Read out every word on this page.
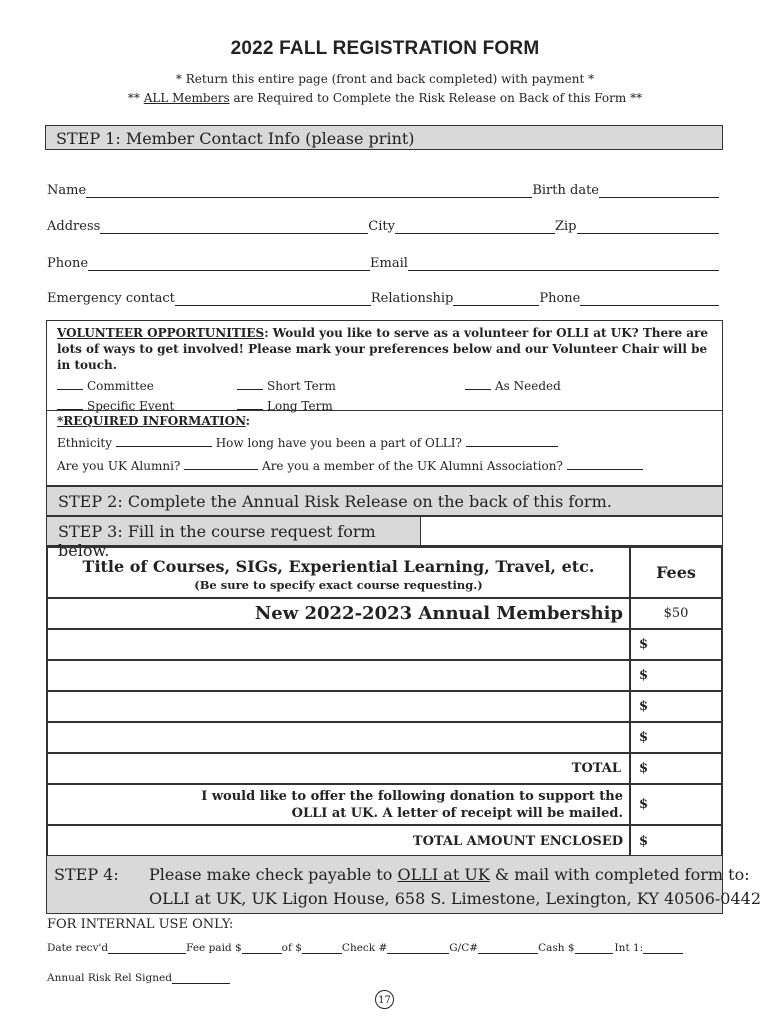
2022 FALL REGISTRATION FORM
* Return this entire page (front and back completed) with payment *
** ALL Members are Required to Complete the Risk Release on Back of this Form **
STEP 1: Member Contact Info (please print)
Name	Birth date
Address	City	Zip
Phone	Email
Emergency contact	Relationship	Phone
VOLUNTEER OPPORTUNITIES: Would you like to serve as a volunteer for OLLI at UK? There are lots of ways to get involved! Please mark your preferences below and our Volunteer Chair will be in touch.
Committee	Short Term	As Needed
Specific Event	Long Term
*REQUIRED INFORMATION:
Ethnicity	How long have you been a part of OLLI?
Are you UK Alumni?	Are you a member of the UK Alumni Association?
STEP 2: Complete the Annual Risk Release on the back of this form.
STEP 3: Fill in the course request form below.
Title of Courses, SIGs, Experiential Learning, Travel, etc.
(Be sure to specify exact course requesting.)	Fees
New 2022-2023 Annual Membership	$50
	$
	$
	$
	$
TOTAL	$

I would like to offer the following donation to support the
OLLI at UK. A letter of receipt will be mailed.	$
TOTAL AMOUNT ENCLOSED	$
STEP 4: Please make check payable to OLLI at UK & mail with completed form to:
OLLI at UK, UK Ligon House, 658 S. Limestone, Lexington, KY 40506-0442
FOR INTERNAL USE ONLY:
Date recv'd	Fee paid $	of $	Check #	G/C#	Cash $	Int 1:
Annual Risk Rel Signed
17
